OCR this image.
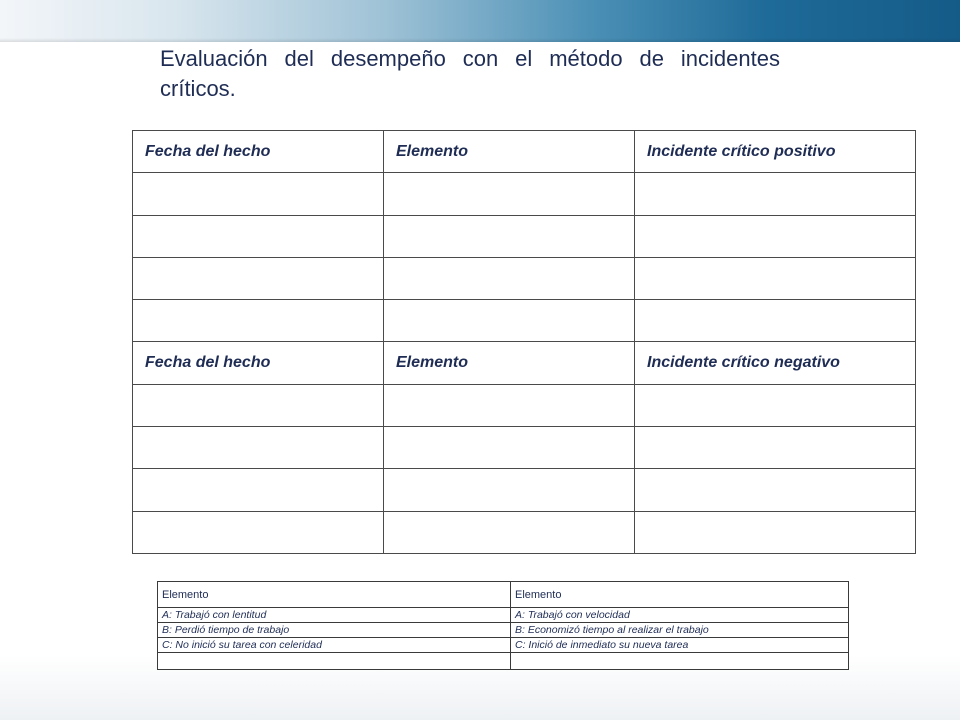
Evaluación del desempeño con el método de incidentes críticos.
Fecha del hecho	Elemento	Incidente crítico positivo

Fecha del hecho	Elemento	Incidente crítico negativo

Elemento	Elemento
A: Trabajó con lentitud	A: Trabajó con velocidad
B: Perdió tiempo de trabajo	B: Economizó tiempo al realizar el trabajo
C: No inició su tarea con celeridad	C: Inició de inmediato su nueva tarea
